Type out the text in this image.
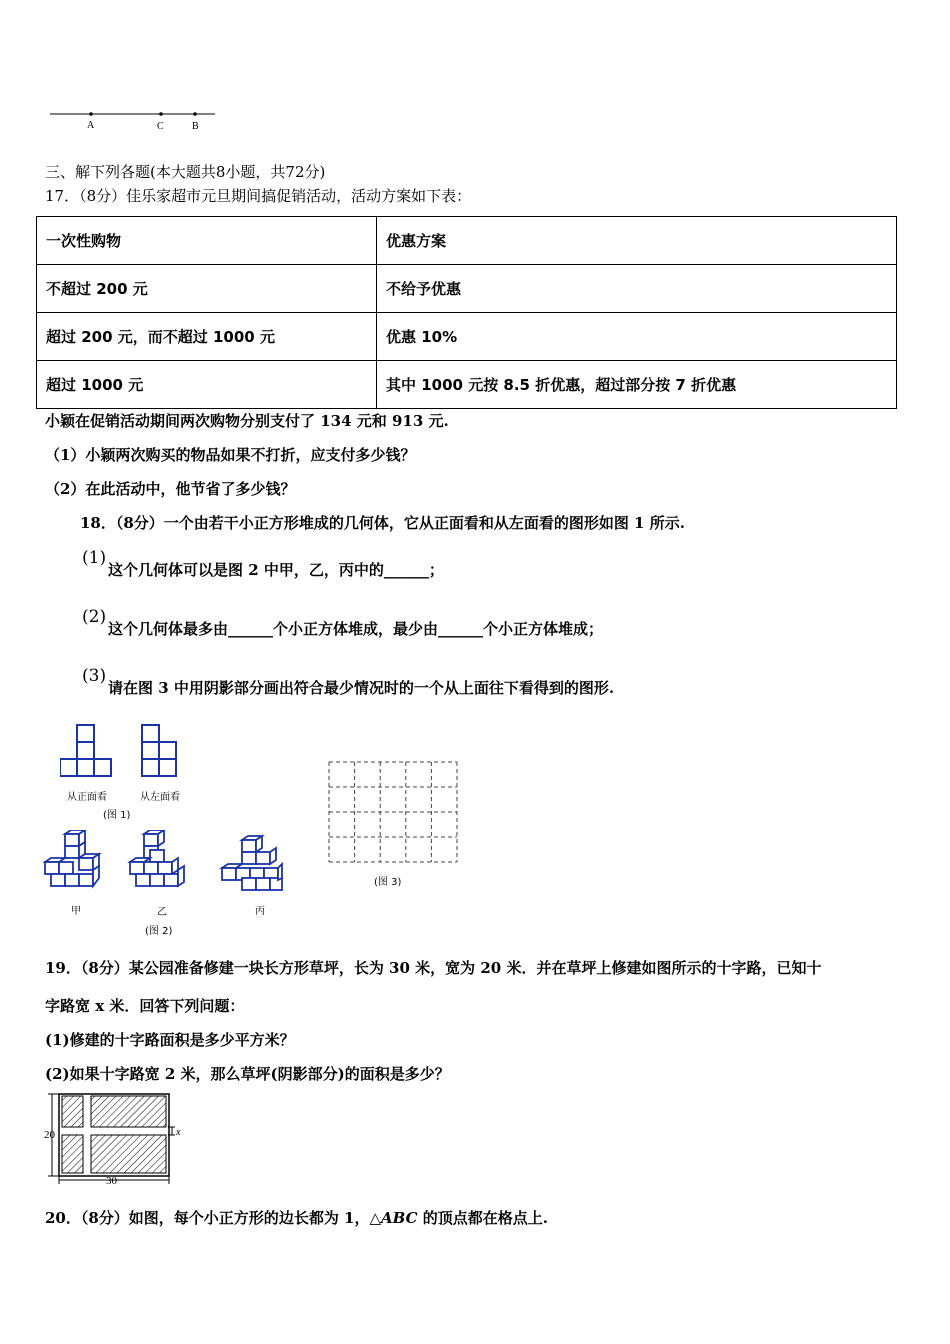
A	C	B
三、解下列各题(本大题共8小题，共72分)
17．（8分）佳乐家超市元旦期间搞促销活动，活动方案如下表：
一次性购物	优惠方案
不超过 200 元	不给予优惠
超过 200 元，而不超过 1000 元	优惠 10%
超过 1000 元	其中 1000 元按 8.5 折优惠，超过部分按 7 折优惠
小颖在促销活动期间两次购物分别支付了 134 元和 913 元.
（1）小颖两次购买的物品如果不打折，应支付多少钱？
（2）在此活动中，他节省了多少钱？
18．（8分）一个由若干小正方形堆成的几何体，它从正面看和从左面看的图形如图 1 所示.
(1)
这个几何体可以是图 2 中甲，乙，丙中的______；
(2)
这个几何体最多由______个小正方体堆成，最少由______个小正方体堆成；
(3)
请在图 3 中用阴影部分画出符合最少情况时的一个从上面往下看得到的图形.
从正面看	从左面看
(图 1)
甲	乙	丙
(图 2)
(图 3)
19．（8分）某公园准备修建一块长方形草坪，长为 30 米，宽为 20 米．并在草坪上修建如图所示的十字路，已知十
字路宽 x 米．回答下列问题：
(1)修建的十字路面积是多少平方米？
(2)如果十字路宽 2 米，那么草坪(阴影部分)的面积是多少？
20
30
x
20．（8分）如图，每个小正方形的边长都为 1，△ABC 的顶点都在格点上.
